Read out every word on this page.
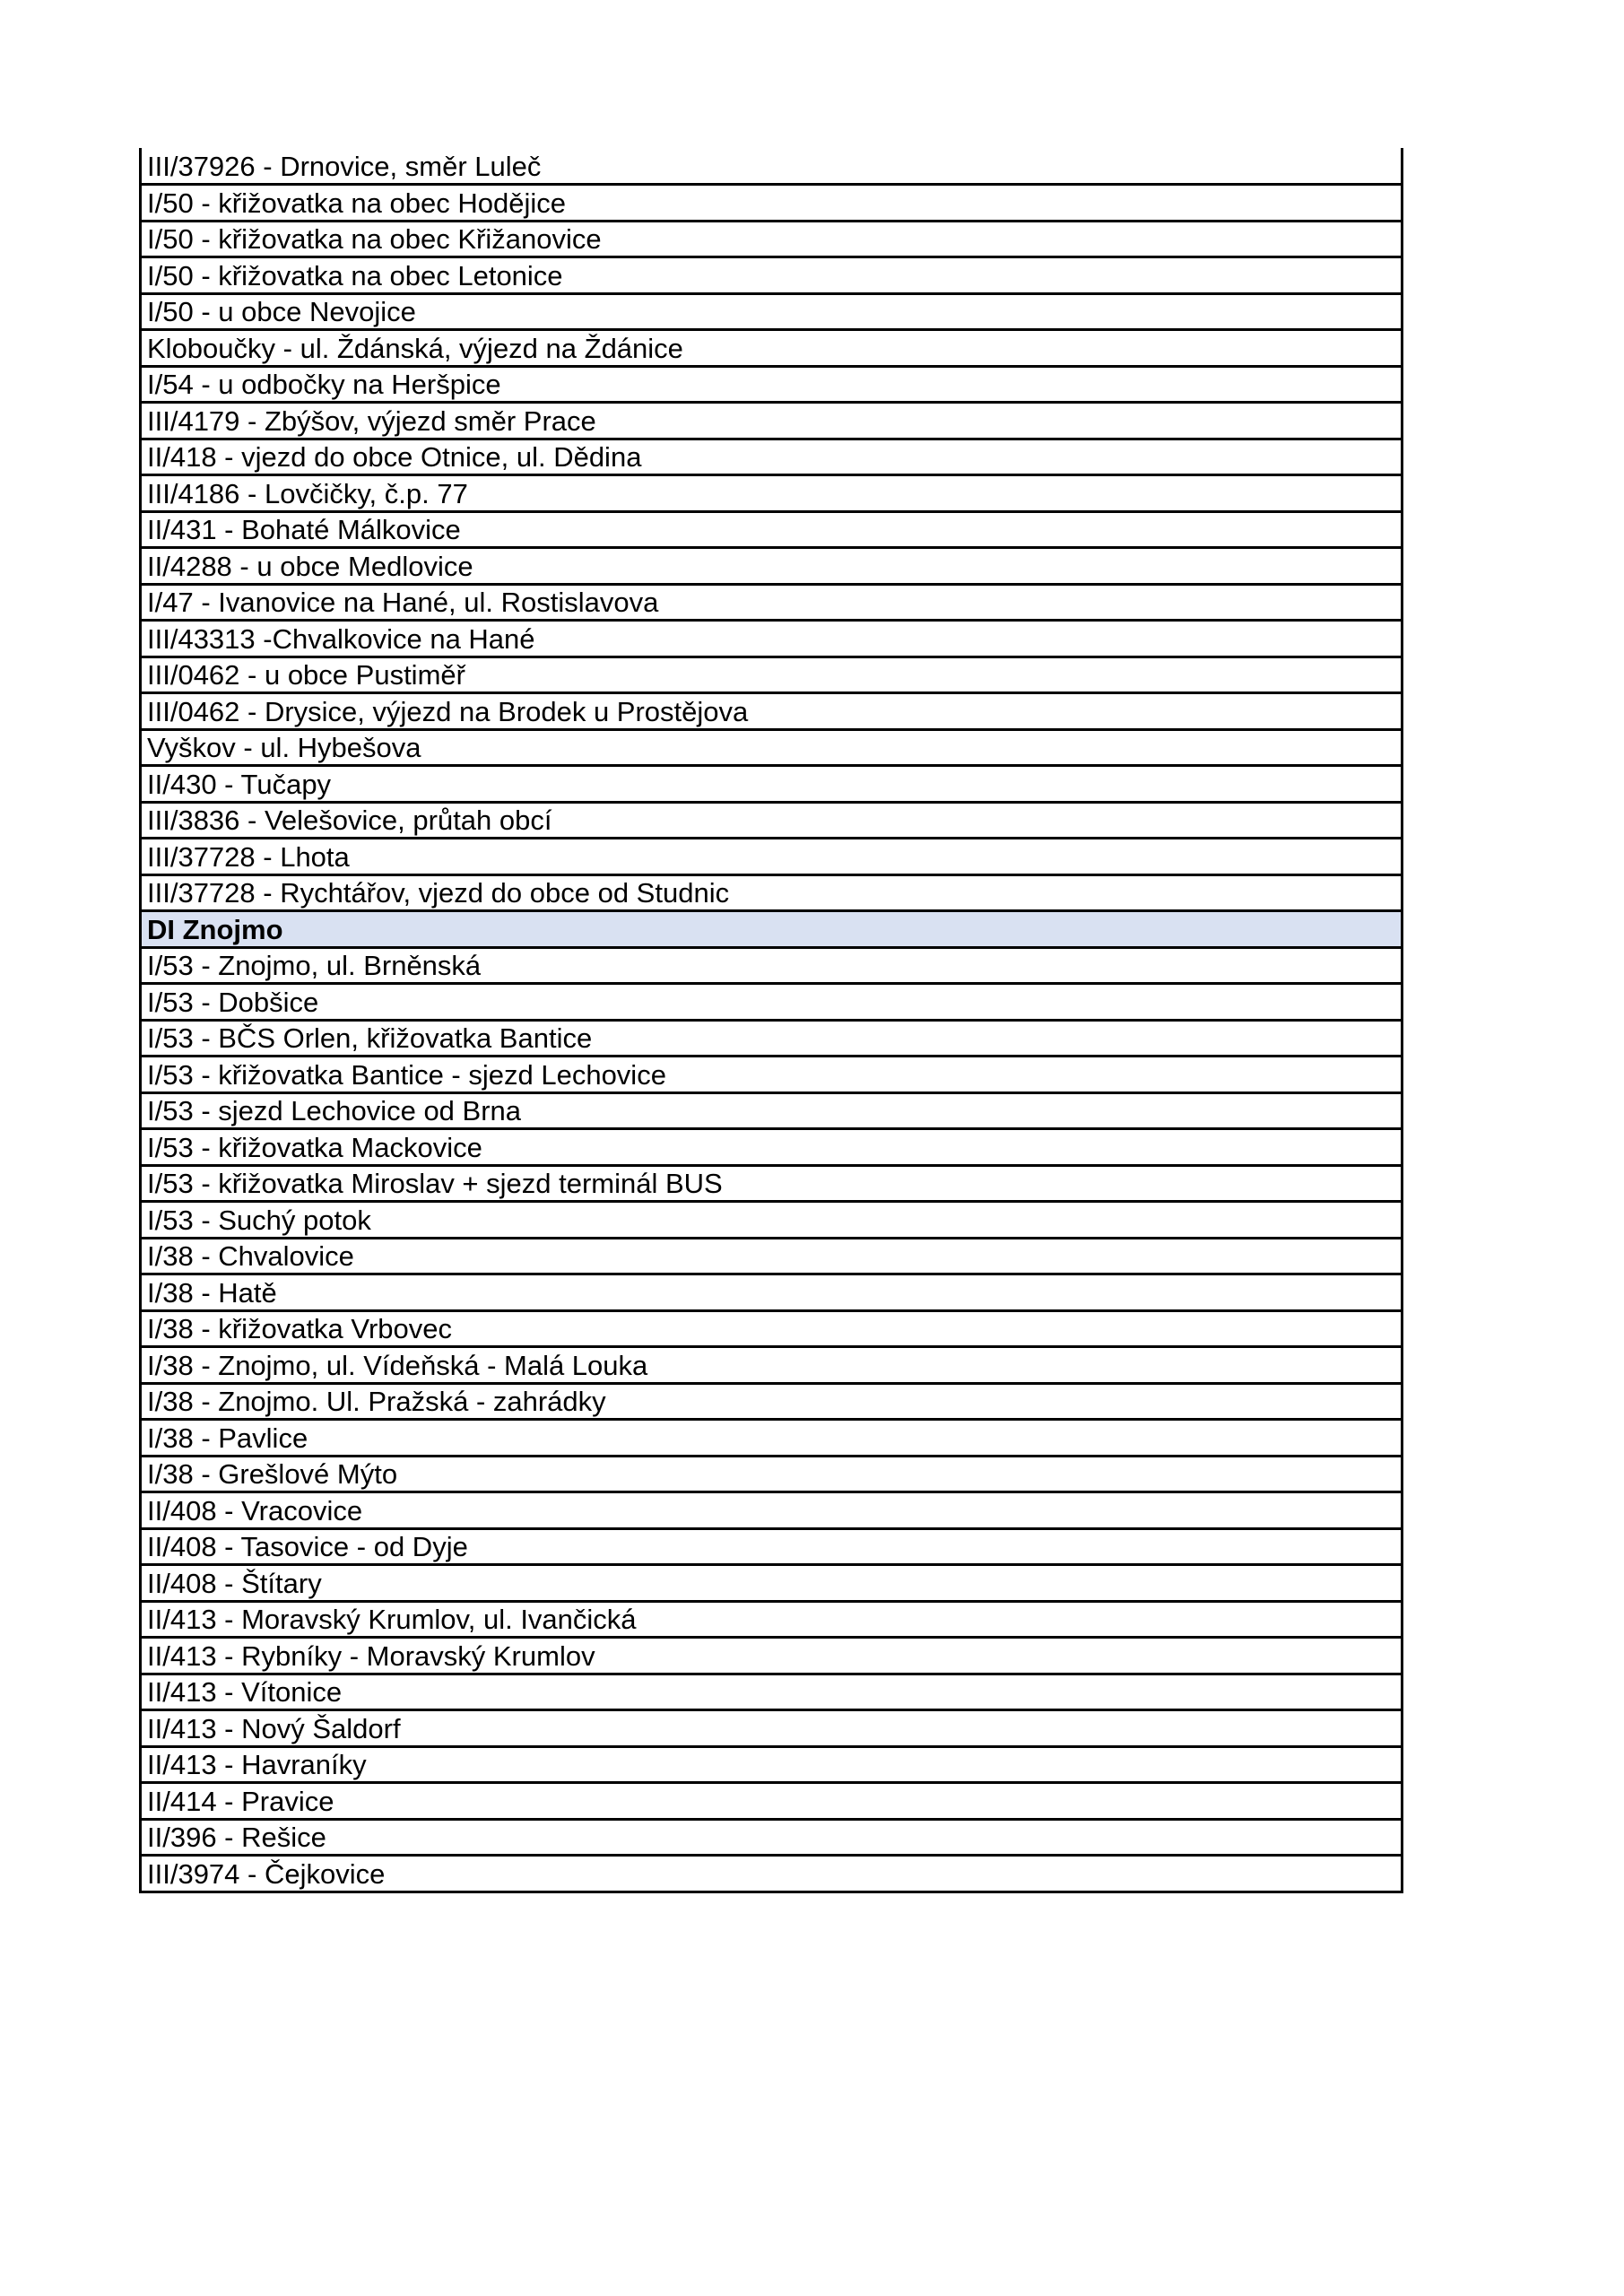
III/37926 - Drnovice, směr Luleč
I/50 - křižovatka na obec Hodějice
I/50 - křižovatka na obec Křižanovice
I/50 - křižovatka na obec Letonice
I/50 - u obce Nevojice
Kloboučky - ul. Ždánská, výjezd na Ždánice
I/54 - u odbočky na Heršpice
III/4179 - Zbýšov, výjezd směr Prace
II/418 - vjezd do obce Otnice, ul. Dědina
III/4186 - Lovčičky, č.p. 77
II/431 - Bohaté Málkovice
II/4288 - u obce Medlovice
I/47 - Ivanovice na Hané, ul. Rostislavova
III/43313 -Chvalkovice na Hané
III/0462 - u obce Pustiměř
III/0462 - Drysice, výjezd na Brodek u Prostějova
Vyškov - ul. Hybešova
II/430 - Tučapy
III/3836 - Velešovice, průtah obcí
III/37728 - Lhota
III/37728 - Rychtářov, vjezd do obce od Studnic
DI Znojmo
I/53 - Znojmo, ul. Brněnská
I/53 - Dobšice
I/53 - BČS Orlen, křižovatka Bantice
I/53 - křižovatka Bantice - sjezd Lechovice
I/53 - sjezd Lechovice od Brna
I/53 - křižovatka Mackovice
I/53 - křižovatka Miroslav + sjezd terminál BUS
I/53 - Suchý potok
I/38 - Chvalovice
I/38 - Hatě
I/38 - křižovatka Vrbovec
I/38 - Znojmo, ul. Vídeňská - Malá Louka
I/38 - Znojmo. Ul. Pražská - zahrádky
I/38 - Pavlice
I/38 - Grešlové Mýto
II/408 - Vracovice
II/408 - Tasovice - od Dyje
II/408 - Štítary
II/413 - Moravský Krumlov, ul. Ivančická
II/413 - Rybníky - Moravský Krumlov
II/413 - Vítonice
II/413 - Nový Šaldorf
II/413 - Havraníky
II/414 - Pravice
II/396 - Rešice
III/3974 - Čejkovice
